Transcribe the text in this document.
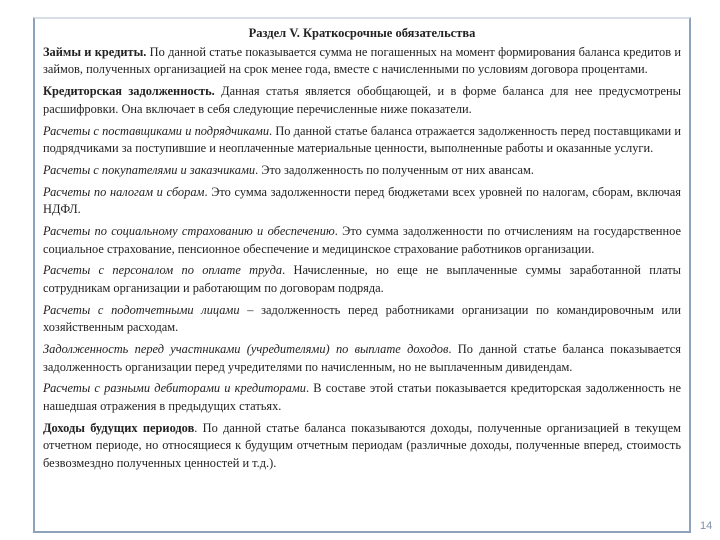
Раздел V. Краткосрочные обязательства
Займы и кредиты. По данной статье показывается сумма не погашенных на момент формирования баланса кредитов и займов, полученных организацией на срок менее года, вместе с начисленными по условиям договора процентами.
Кредиторская задолженность. Данная статья является обобщающей, и в форме баланса для нее предусмотрены расшифровки. Она включает в себя следующие перечисленные ниже показатели.
Расчеты с поставщиками и подрядчиками. По данной статье баланса отражается задолженность перед поставщиками и подрядчиками за поступившие и неоплаченные материальные ценности, выполненные работы и оказанные услуги.
Расчеты с покупателями и заказчиками. Это задолженность по полученным от них авансам.
Расчеты по налогам и сборам. Это сумма задолженности перед бюджетами всех уровней по налогам, сборам, включая НДФЛ.
Расчеты по социальному страхованию и обеспечению. Это сумма задолженности по отчислениям на государственное социальное страхование, пенсионное обеспечение и медицинское страхование работников организации.
Расчеты с персоналом по оплате труда. Начисленные, но еще не выплаченные суммы заработанной платы сотрудникам организации и работающим по договорам подряда.
Расчеты с подотчетными лицами – задолженность перед работниками организации по командировочным или хозяйственным расходам.
Задолженность перед участниками (учредителями) по выплате доходов. По данной статье баланса показывается задолженность организации перед учредителями по начисленным, но не выплаченным дивидендам.
Расчеты с разными дебиторами и кредиторами. В составе этой статьи показывается кредиторская задолженность не нашедшая отражения в предыдущих статьях.
Доходы будущих периодов. По данной статье баланса показываются доходы, полученные организацией в текущем отчетном периоде, но относящиеся к будущим отчетным периодам (различные доходы, полученные вперед, стоимость безвозмездно полученных ценностей и т.д.).
14
